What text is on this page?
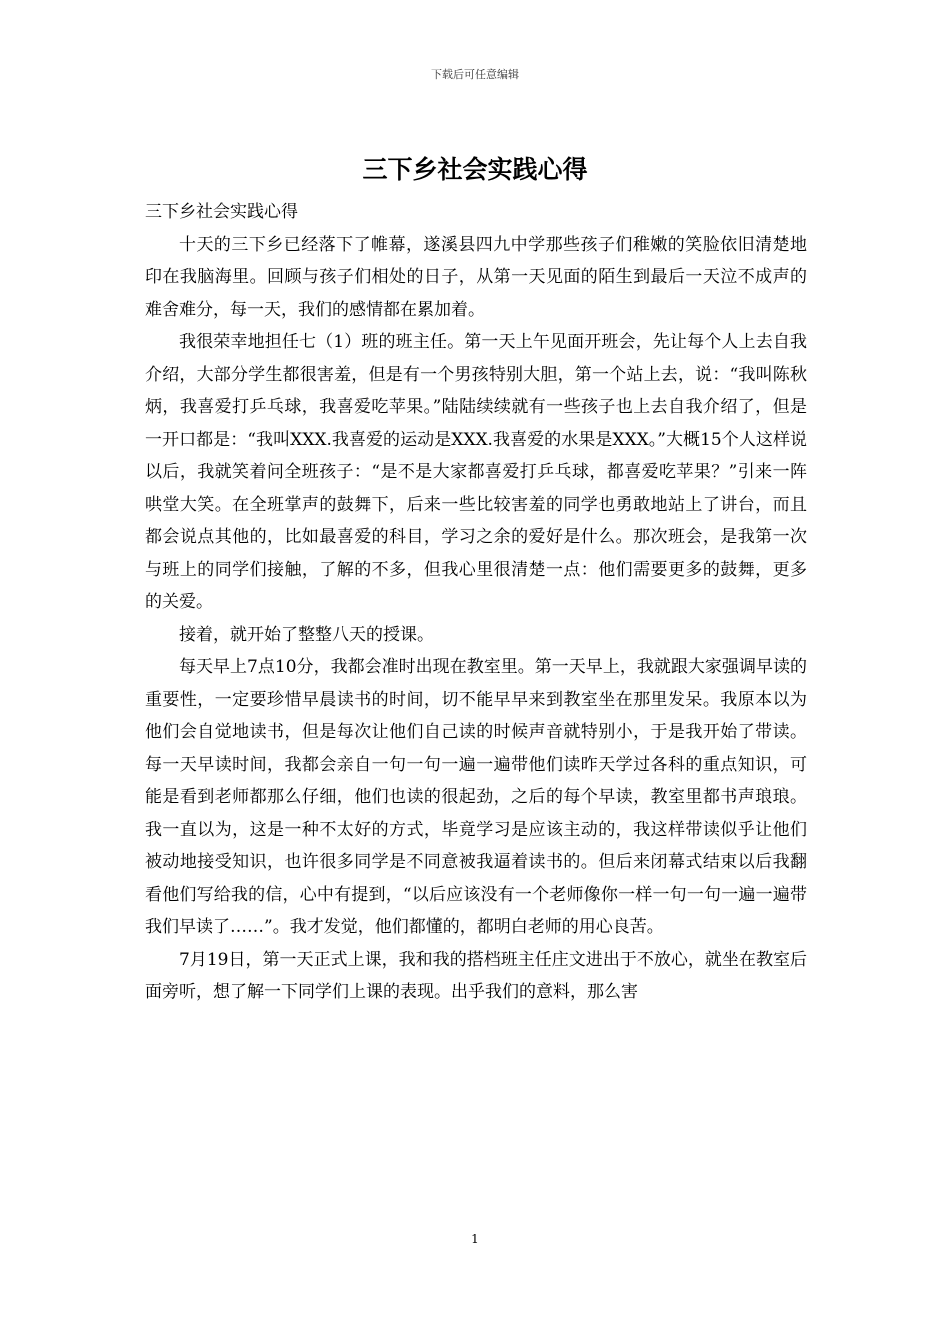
下载后可任意编辑
三下乡社会实践心得

三下乡社会实践心得

十天的三下乡已经落下了帷幕，遂溪县四九中学那些孩子们稚嫩的笑脸依旧清楚地印在我脑海里。回顾与孩子们相处的日子，从第一天见面的陌生到最后一天泣不成声的难舍难分，每一天，我们的感情都在累加着。

我很荣幸地担任七（1）班的班主任。第一天上午见面开班会，先让每个人上去自我介绍，大部分学生都很害羞，但是有一个男孩特别大胆，第一个站上去，说：“我叫陈秋炳，我喜爱打乒乓球，我喜爱吃苹果。”陆陆续续就有一些孩子也上去自我介绍了，但是一开口都是：“我叫XXX.我喜爱的运动是XXX.我喜爱的水果是XXX。”大概15个人这样说以后，我就笑着问全班孩子：“是不是大家都喜爱打乒乓球，都喜爱吃苹果？”引来一阵哄堂大笑。在全班掌声的鼓舞下，后来一些比较害羞的同学也勇敢地站上了讲台，而且都会说点其他的，比如最喜爱的科目，学习之余的爱好是什么。那次班会，是我第一次与班上的同学们接触，了解的不多，但我心里很清楚一点：他们需要更多的鼓舞，更多的关爱。

接着，就开始了整整八天的授课。

每天早上7点10分，我都会准时出现在教室里。第一天早上，我就跟大家强调早读的重要性，一定要珍惜早晨读书的时间，切不能早早来到教室坐在那里发呆。我原本以为他们会自觉地读书，但是每次让他们自己读的时候声音就特别小，于是我开始了带读。每一天早读时间，我都会亲自一句一句一遍一遍带他们读昨天学过各科的重点知识，可能是看到老师都那么仔细，他们也读的很起劲，之后的每个早读，教室里都书声琅琅。我一直以为，这是一种不太好的方式，毕竟学习是应该主动的，我这样带读似乎让他们被动地接受知识，也许很多同学是不同意被我逼着读书的。但后来闭幕式结束以后我翻看他们写给我的信，心中有提到，“以后应该没有一个老师像你一样一句一句一遍一遍带我们早读了……”。我才发觉，他们都懂的，都明白老师的用心良苦。

7月19日，第一天正式上课，我和我的搭档班主任庄文进出于不放心，就坐在教室后面旁听，想了解一下同学们上课的表现。出乎我们的意料，那么害

1
